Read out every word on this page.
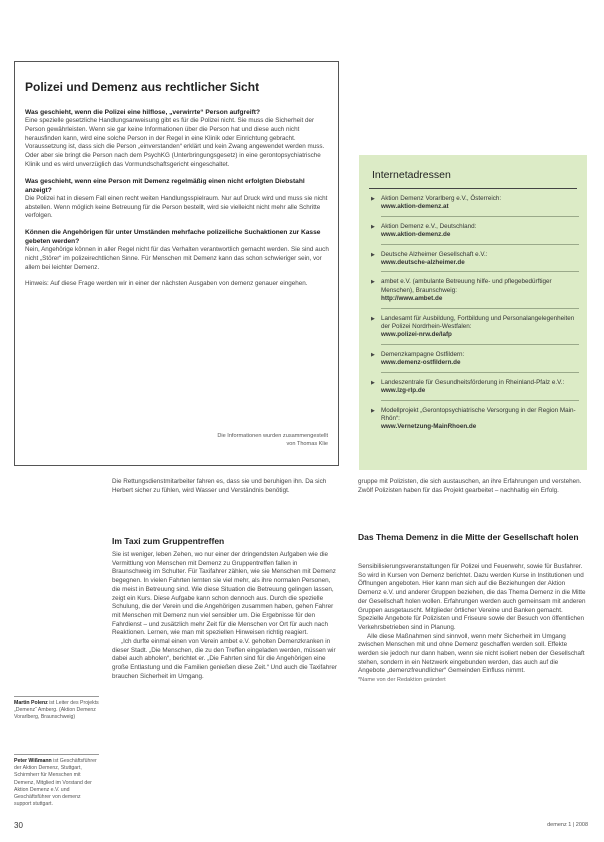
Polizei und Demenz aus rechtlicher Sicht
Was geschieht, wenn die Polizei eine hilflose, „verwirrte“ Person aufgreift?

Eine spezielle gesetzliche Handlungsanweisung gibt es für die Polizei nicht. Sie muss die Sicherheit der Person gewährleisten. Wenn sie gar keine Informationen über die Person hat und diese auch nicht herausfinden kann, wird eine solche Person in der Regel in eine Klinik oder Einrichtung gebracht. Voraussetzung ist, dass sich die Person „einverstanden“ erklärt und kein Zwang angewendet werden muss. Oder aber sie bringt die Person nach dem PsychKG (Unterbringungsgesetz) in eine gerontopsychiatrische Klinik und es wird unverzüglich das Vormundschaftsgericht eingeschaltet.

Was geschieht, wenn eine Person mit Demenz regelmäßig einen nicht erfolgten Diebstahl anzeigt?

Die Polizei hat in diesem Fall einen recht weiten Handlungsspielraum. Nur auf Druck wird und muss sie nicht abstellen. Wenn möglich keine Betreuung für die Person bestellt, wird sie vielleicht nicht mehr alle Schritte verfolgen.

Können die Angehörigen für unter Umständen mehrfache polizeiliche Suchaktionen zur Kasse gebeten werden?

Nein, Angehörige können in aller Regel nicht für das Verhalten verantwortlich gemacht werden. Sie sind auch nicht „Störer“ im polizeirechtlichen Sinne. Für Menschen mit Demenz kann das schon schwieriger sein, vor allem bei leichter Demenz.

Hinweis: Auf diese Frage werden wir in einer der nächsten Ausgaben von demenz genauer eingehen.

Die Informationen wurden zusammengestellt
von Thomas Klie
Internetadressen
▶ Aktion Demenz Vorarlberg e.V., Österreich:
www.aktion-demenz.at
▶ Aktion Demenz e.V., Deutschland:
www.aktion-demenz.de
▶ Deutsche Alzheimer Gesellschaft e.V.:
www.deutsche-alzheimer.de
▶ ambet e.V. (ambulante Betreuung hilfe- und pflegebedürftiger Menschen), Braunschweig:
http://www.ambet.de
▶ Landesamt für Ausbildung, Fortbildung und Personalangelegenheiten der Polizei Nordrhein-Westfalen:
www.polizei-nrw.de/lafp
▶ Demenzkampagne Ostfildern:
www.demenz-ostfildern.de
▶ Landeszentrale für Gesundheitsförderung in Rheinland-Pfalz e.V.:
www.lzg-rlp.de
▶ Modellprojekt „Gerontopsychiatrische Versorgung in der Region Main-Rhön“:
www.Vernetzung-MainRhoen.de

Die Rettungsdienstmitarbeiter fahren es, dass sie und beruhigen ihn. Da sich Herbert sicher zu fühlen, wird Wasser und Verständnis benötigt.

Im Taxi zum Gruppentreffen

Sie ist weniger, leben Zehen, wo nur einer der dringendsten Aufgaben wie die Vermittlung von Menschen mit Demenz zu Gruppentreffen fallen in Braunschweig im Schulter. Für Taxifahrer zählen, wie sie Menschen mit Demenz begegnen. In vielen Fahrten lernten sie viel mehr, als ihre normalen Personen, die meist in Betreuung sind. Wie diese Situation die Betreuung gelingen lassen, zeigt ein Kurs. Diese Aufgabe kann schon dennoch aus. Durch die spezielle Schulung, die der Verein und die Angehörigen zusammen haben, gehen Fahrer mit Menschen mit Demenz nun viel sensibler um. Die Ergebnisse für den Fahrdienst – und zusätzlich mehr Zeit für die Menschen vor Ort für auch nach Reaktionen. Lernen, wie man mit speziellen Hinweisen richtig reagiert.

„Ich durfte einmal einen von Verein ambet e.V. geholten Demenzkranken in dieser Stadt. „Die Menschen, die zu den Treffen eingeladen werden, müssen wir dabei auch abholen“, berichtet er. „Die Fahrten sind für die Angehörigen eine große Entlastung und die Familien genießen diese Zeit.“ Und auch die Taxifahrer brauchen Sicherheit im Umgang.

gruppe mit Polizisten, die sich austauschen, an ihre Erfahrungen und verstehen. Zwölf Polizisten haben für das Projekt gearbeitet – nachhaltig ein Erfolg.

Das Thema Demenz in die Mitte der Gesellschaft holen

Sensibilisierungsveranstaltungen für Polizei und Feuerwehr, sowie für Busfahrer. So wird in Kursen von Demenz berichtet. Dazu werden Kurse in Institutionen und Öffnungen angeboten. Hier kann man sich auf die Beziehungen der Aktion Demenz e.V. und anderer Gruppen beziehen, die das Thema Demenz in die Mitte der Gesellschaft holen wollen. Erfahrungen werden auch gemeinsam mit anderen Gruppen ausgetauscht. Mitglieder örtlicher Vereine und Banken gemacht. Spezielle Angebote für Polizisten und Friseure sowie der Besuch von öffentlichen Verkehrsbetrieben sind in Planung.

Alle diese Maßnahmen sind sinnvoll, wenn mehr Sicherheit im Umgang zwischen Menschen mit und ohne Demenz geschaffen werden soll. Effekte werden sie jedoch nur dann haben, wenn sie nicht isoliert neben der Gesellschaft stehen, sondern in ein Netzwerk eingebunden werden, das auch auf die Angebote „demenzfreundlicher“ Gemeinden Einfluss nimmt.

*Name von der Redaktion geändert

Martin Polenz ist Leiter des Projekts „Demenz“ Amberg. (Aktion Demenz Vorarlberg, Braunschweig)
Peter Wißmann ist Geschäftsführer der Aktion Demenz, Stuttgart, Schirmherr für Menschen mit Demenz, Mitglied im Vorstand der Aktion Demenz e.V. und Geschäftsführer von demenz support stuttgart.
30	demenz 1 | 2008
